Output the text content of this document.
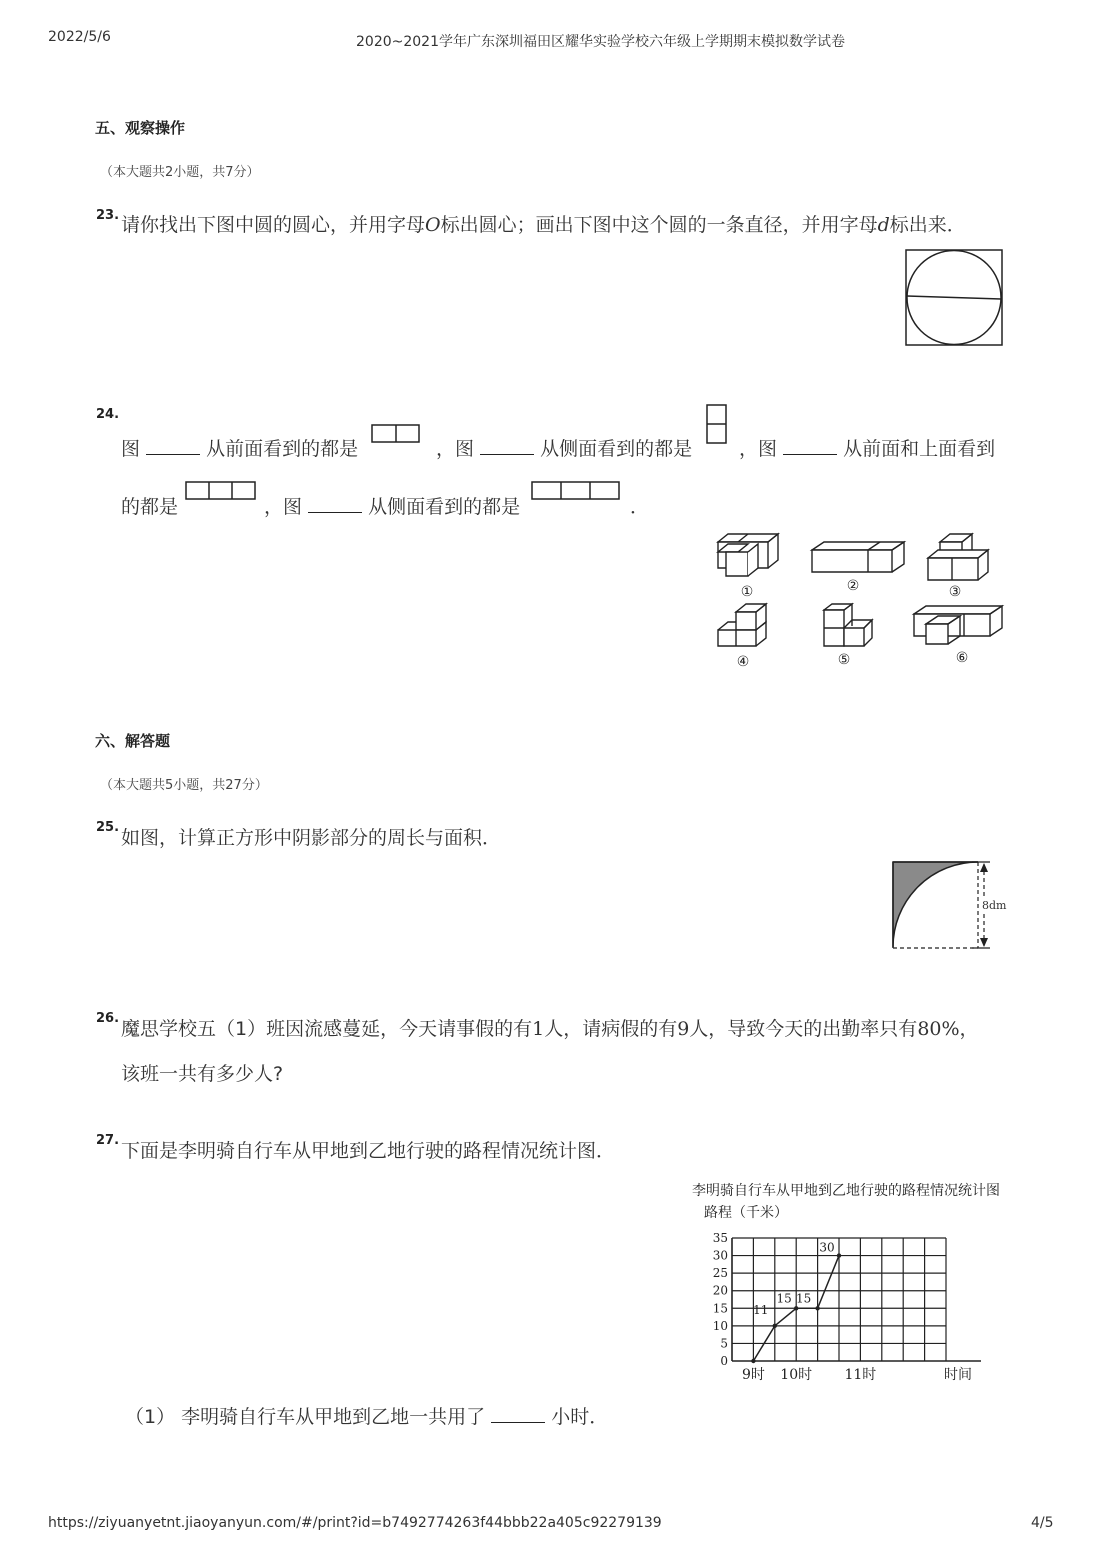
2022/5/6	2020~2021学年广东深圳福田区耀华实验学校六年级上学期期末模拟数学试卷
五、观察操作
（本大题共2小题，共7分）
23. 请你找出下图中圆的圆心，并用字母O标出圆心；画出下图中这个圆的一条直径，并用字母d标出来．
24.
图	从前面看到的都是	，图	从侧面看到的都是 ，图	从前面和上面看到
的都是	，图	从侧面看到的都是	．
①	②	③
④	⑤	⑥
六、解答题
（本大题共5小题，共27分）
25. 如图，计算正方形中阴影部分的周长与面积．
8dm
26. 魔思学校五（1）班因流感蔓延，今天请事假的有1人，请病假的有9人，导致今天的出勤率只有80%，
该班一共有多少人?
27. 下面是李明骑自行车从甲地到乙地行驶的路程情况统计图．
李明骑自行车从甲地到乙地行驶的路程情况统计图
路程（千米）
时间
0
5
10
15
20
25
30
35
9时 10时 11时
11
15 15
30
（1） 李明骑自行车从甲地到乙地一共用了	小时．
https://ziyuanyetnt.jiaoyanyun.com/#/print?id=b7492774263f44bbb22a405c92279139	4/5
